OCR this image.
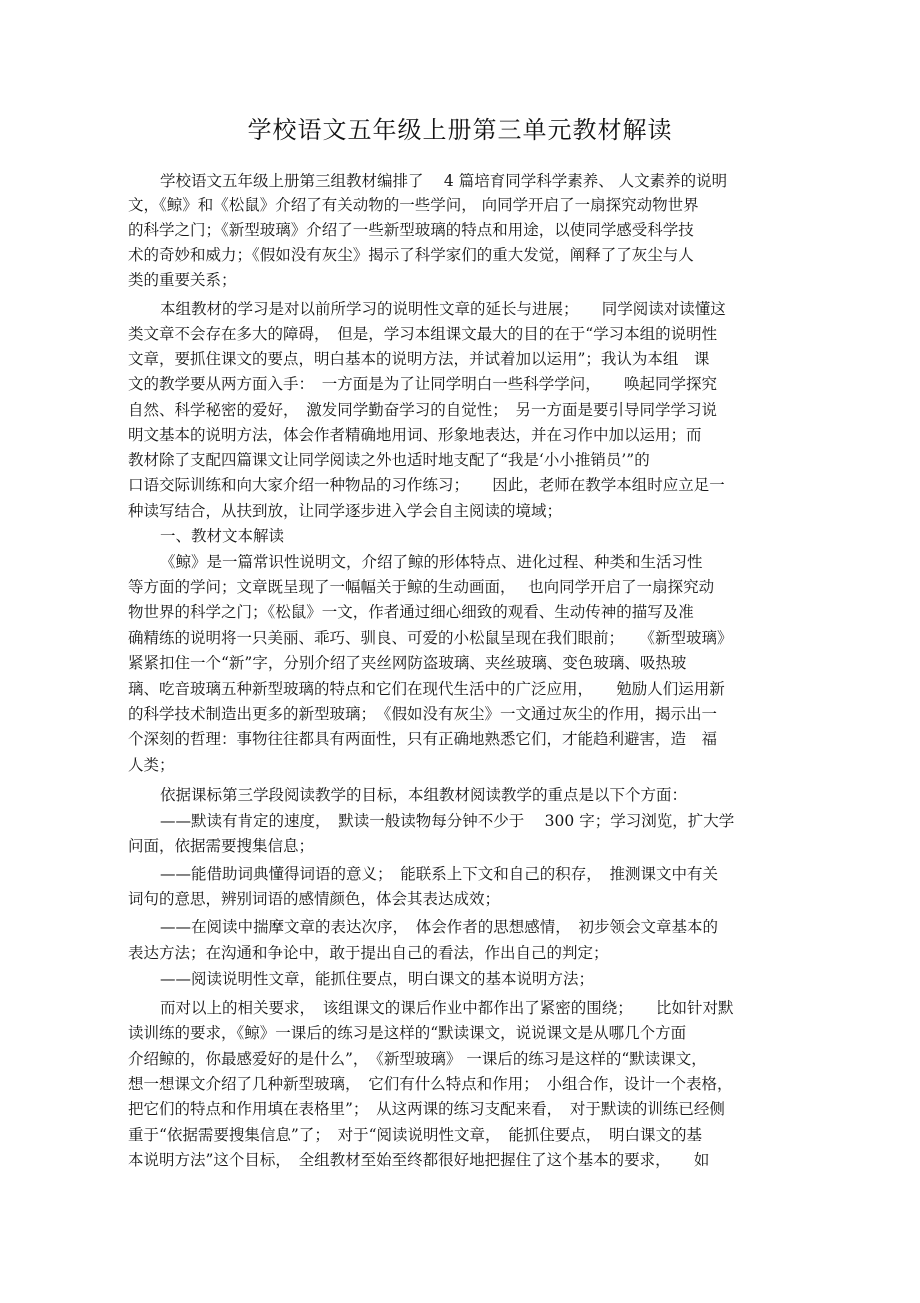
学校语文五年级上册第三单元教材解读
学校语文五年级上册第三组教材编排了　 4 篇培育同学科学素养、 人文素养的说明
文，《鲸》和《松鼠》介绍了有关动物的一些学问， 向同学开启了一扇探究动物世界
的科学之门；《新型玻璃》介绍了一些新型玻璃的特点和用途，以使同学感受科学技
术的奇妙和威力；《假如没有灰尘》揭示了科学家们的重大发觉，阐释了了灰尘与人
类的重要关系；
本组教材的学习是对以前所学习的说明性文章的延长与进展；　　同学阅读对读懂这
类文章不会存在多大的障碍，　但是，学习本组课文最大的目的在于“学习本组的说明性
文章，要抓住课文的要点，明白基本的说明方法，并试着加以运用”；我认为本组　课
文的教学要从两方面入手：　一方面是为了让同学明白一些科学学问，　　唤起同学探究
自然、科学秘密的爱好，　激发同学勤奋学习的自觉性；　另一方面是要引导同学学习说
明文基本的说明方法，体会作者精确地用词、形象地表达，并在习作中加以运用；而
教材除了支配四篇课文让同学阅读之外也适时地支配了“我是‘小小推销员’”的
口语交际训练和向大家介绍一种物品的习作练习；　　因此，老师在教学本组时应立足一
种读写结合，从扶到放，让同学逐步进入学会自主阅读的境域；
一、教材文本解读
《鲸》是一篇常识性说明文，介绍了鲸的形体特点、进化过程、种类和生活习性
等方面的学问；文章既呈现了一幅幅关于鲸的生动画面，　 也向同学开启了一扇探究动
物世界的科学之门；《松鼠》一文，作者通过细心细致的观看、生动传神的描写及准
确精练的说明将一只美丽、乖巧、驯良、可爱的小松鼠呈现在我们眼前；　　《新型玻璃》
紧紧扣住一个“新”字，分别介绍了夹丝网防盗玻璃、夹丝玻璃、变色玻璃、吸热玻
璃、吃音玻璃五种新型玻璃的特点和它们在现代生活中的广泛应用，　　勉励人们运用新
的科学技术制造出更多的新型玻璃；　《假如没有灰尘》一文通过灰尘的作用，揭示出一
个深刻的哲理：事物往往都具有两面性，只有正确地熟悉它们，才能趋利避害，造　福
人类；
依据课标第三学段阅读教学的目标，本组教材阅读教学的重点是以下个方面：
——默读有肯定的速度，　默读一般读物每分钟不少于　 300 字；学习浏览，扩大学
问面，依据需要搜集信息；
——能借助词典懂得词语的意义；　能联系上下文和自己的积存，　推测课文中有关
词句的意思，辨别词语的感情颜色，体会其表达成效；
——在阅读中揣摩文章的表达次序，　体会作者的思想感情，　初步领会文章基本的
表达方法；在沟通和争论中，敢于提出自己的看法，作出自己的判定；
——阅读说明性文章，能抓住要点，明白课文的基本说明方法；
而对以上的相关要求，　该组课文的课后作业中都作出了紧密的围绕；　　比如针对默
读训练的要求，《鲸》一课后的练习是这样的“默读课文，说说课文是从哪几个方面
介绍鲸的，你最感爱好的是什么”，　《新型玻璃》 一课后的练习是这样的“默读课文，
想一想课文介绍了几种新型玻璃，　它们有什么特点和作用；　小组合作，设计一个表格，
把它们的特点和作用填在表格里”；　从这两课的练习支配来看，　对于默读的训练已经侧
重于“依据需要搜集信息”了；　对于“阅读说明性文章，　能抓住要点，　明白课文的基
本说明方法”这个目标，　全组教材至始至终都很好地把握住了这个基本的要求，　　如
